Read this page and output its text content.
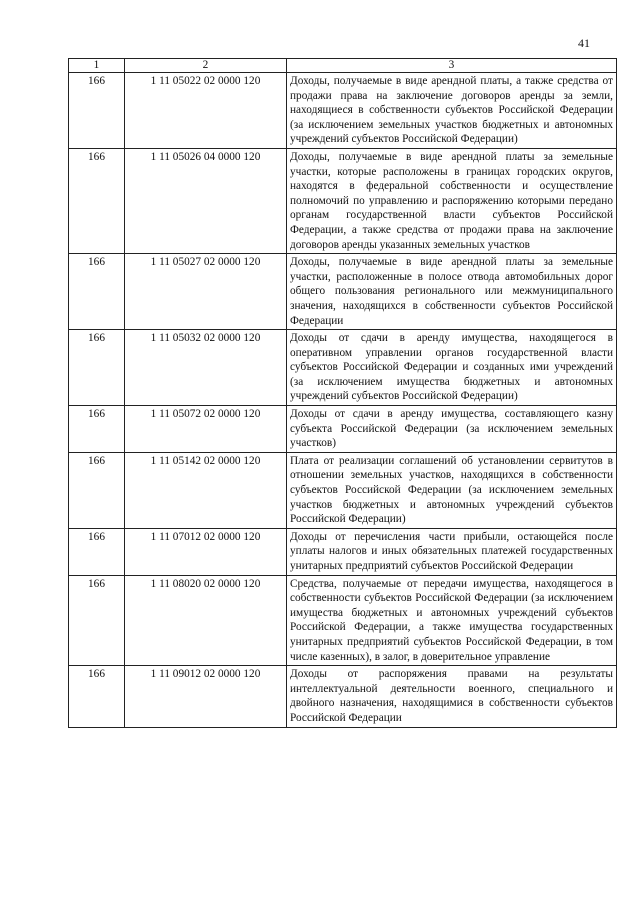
41
1	2	3
166	1 11 05022 02 0000 120	Доходы, получаемые в виде арендной платы, а также средства от продажи права на заключение договоров аренды за земли, находящиеся в собственности субъектов Российской Федерации (за исключением земельных участков бюджетных и автономных учреждений субъектов Российской Федерации)
166	1 11 05026 04 0000 120	Доходы, получаемые в виде арендной платы за земельные участки, которые расположены в границах городских округов, находятся в федеральной собственности и осуществление полномочий по управлению и распоряжению которыми передано органам государственной власти субъектов Российской Федерации, а также средства от продажи права на заключение договоров аренды указанных земельных участков
166	1 11 05027 02 0000 120	Доходы, получаемые в виде арендной платы за земельные участки, расположенные в полосе отвода автомобильных дорог общего пользования регионального или межмуниципального значения, находящихся в собственности субъектов Российской Федерации
166	1 11 05032 02 0000 120	Доходы от сдачи в аренду имущества, находящегося в оперативном управлении органов государственной власти субъектов Российской Федерации и созданных ими учреждений (за исключением имущества бюджетных и автономных учреждений субъектов Российской Федерации)
166	1 11 05072 02 0000 120	Доходы от сдачи в аренду имущества, составляющего казну субъекта Российской Федерации (за исключением земельных участков)
166	1 11 05142 02 0000 120	Плата от реализации соглашений об установлении сервитутов в отношении земельных участков, находящихся в собственности субъектов Российской Федерации (за исключением земельных участков бюджетных и автономных учреждений субъектов Российской Федерации)
166	1 11 07012 02 0000 120	Доходы от перечисления части прибыли, остающейся после уплаты налогов и иных обязательных платежей государственных унитарных предприятий субъектов Российской Федерации
166	1 11 08020 02 0000 120	Средства, получаемые от передачи имущества, находящегося в собственности субъектов Российской Федерации (за исключением имущества бюджетных и автономных учреждений субъектов Российской Федерации, а также имущества государственных унитарных предприятий субъектов Российской Федерации, в том числе казенных), в залог, в доверительное управление
166	1 11 09012 02 0000 120	Доходы от распоряжения правами на результаты интеллектуальной деятельности военного, специального и двойного назначения, находящимися в собственности субъектов Российской Федерации
